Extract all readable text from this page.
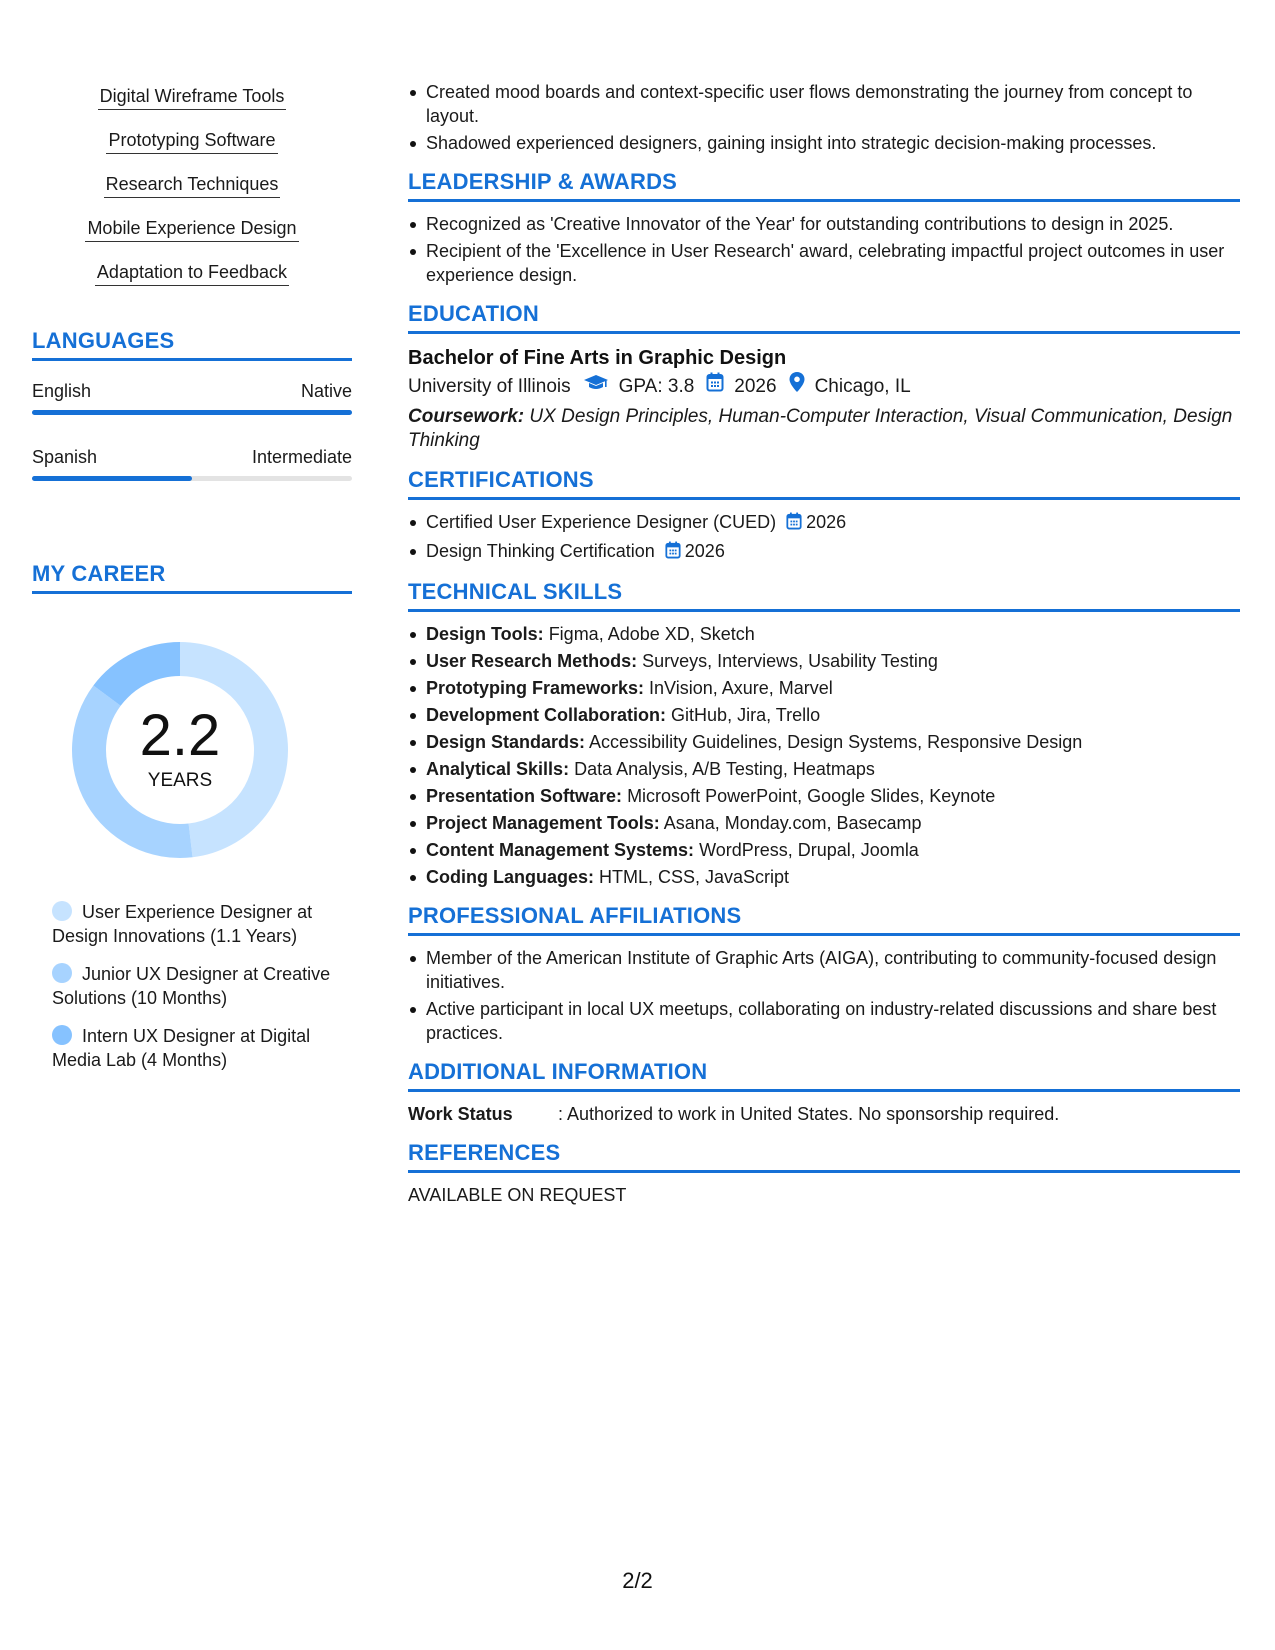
Digital Wireframe Tools
Prototyping Software
Research Techniques
Mobile Experience Design
Adaptation to Feedback
LANGUAGES
English	Native
Spanish	Intermediate
MY CAREER
2.2
YEARS
User Experience Designer at Design Innovations (1.1 Years)
Junior UX Designer at Creative Solutions (10 Months)
Intern UX Designer at Digital Media Lab (4 Months)
Created mood boards and context-specific user flows demonstrating the journey from concept to layout.
Shadowed experienced designers, gaining insight into strategic decision-making processes.
LEADERSHIP & AWARDS
Recognized as 'Creative Innovator of the Year' for outstanding contributions to design in 2025.
Recipient of the 'Excellence in User Research' award, celebrating impactful project outcomes in user experience design.
EDUCATION
Bachelor of Fine Arts in Graphic Design
University of Illinois	GPA: 3.8 2026 Chicago, IL
Coursework: UX Design Principles, Human-Computer Interaction, Visual Communication, Design Thinking
CERTIFICATIONS
Certified User Experience Designer (CUED) 2026
Design Thinking Certification 2026
TECHNICAL SKILLS
Design Tools: Figma, Adobe XD, Sketch
User Research Methods: Surveys, Interviews, Usability Testing
Prototyping Frameworks: InVision, Axure, Marvel
Development Collaboration: GitHub, Jira, Trello
Design Standards: Accessibility Guidelines, Design Systems, Responsive Design
Analytical Skills: Data Analysis, A/B Testing, Heatmaps
Presentation Software: Microsoft PowerPoint, Google Slides, Keynote
Project Management Tools: Asana, Monday.com, Basecamp
Content Management Systems: WordPress, Drupal, Joomla
Coding Languages: HTML, CSS, JavaScript
PROFESSIONAL AFFILIATIONS
Member of the American Institute of Graphic Arts (AIGA), contributing to community-focused design initiatives.
Active participant in local UX meetups, collaborating on industry-related discussions and share best practices.
ADDITIONAL INFORMATION
Work Status	: Authorized to work in United States. No sponsorship required.
REFERENCES
AVAILABLE ON REQUEST
2/2
